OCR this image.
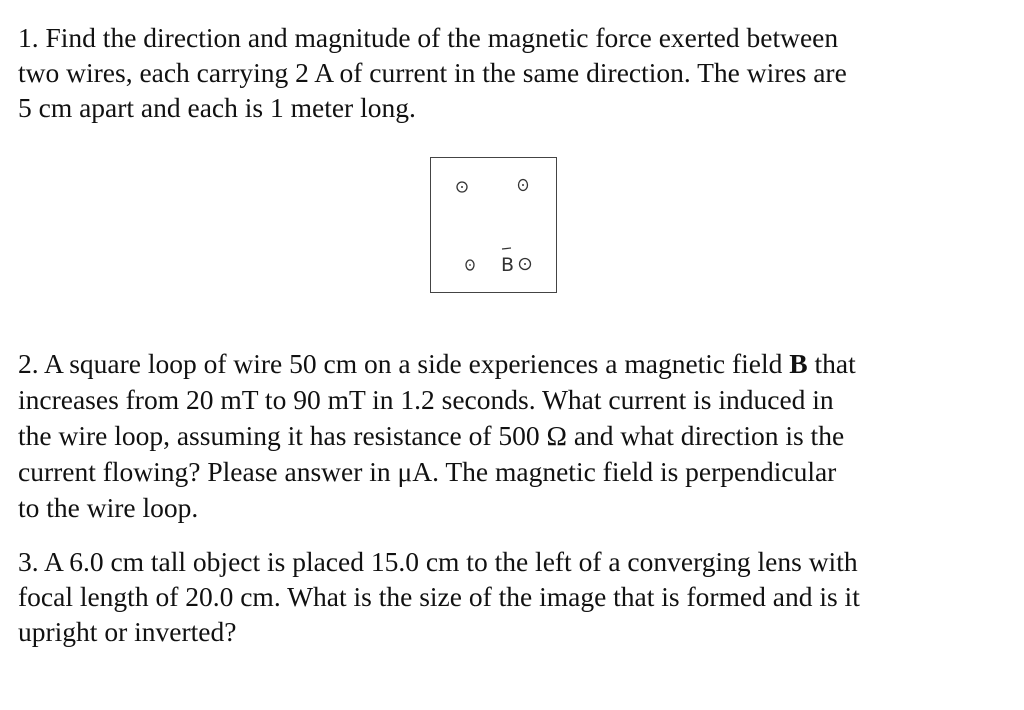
1. Find the direction and magnitude of the magnetic force exerted between
two wires, each carrying 2 A of current in the same direction. The wires are
5 cm apart and each is 1 meter long.

B

2. A square loop of wire 50 cm on a side experiences a magnetic field B that
increases from 20 mT to 90 mT in 1.2 seconds. What current is induced in
the wire loop, assuming it has resistance of 500 Ω and what direction is the
current flowing? Please answer in μA. The magnetic field is perpendicular
to the wire loop.

3. A 6.0 cm tall object is placed 15.0 cm to the left of a converging lens with
focal length of 20.0 cm. What is the size of the image that is formed and is it
upright or inverted?
